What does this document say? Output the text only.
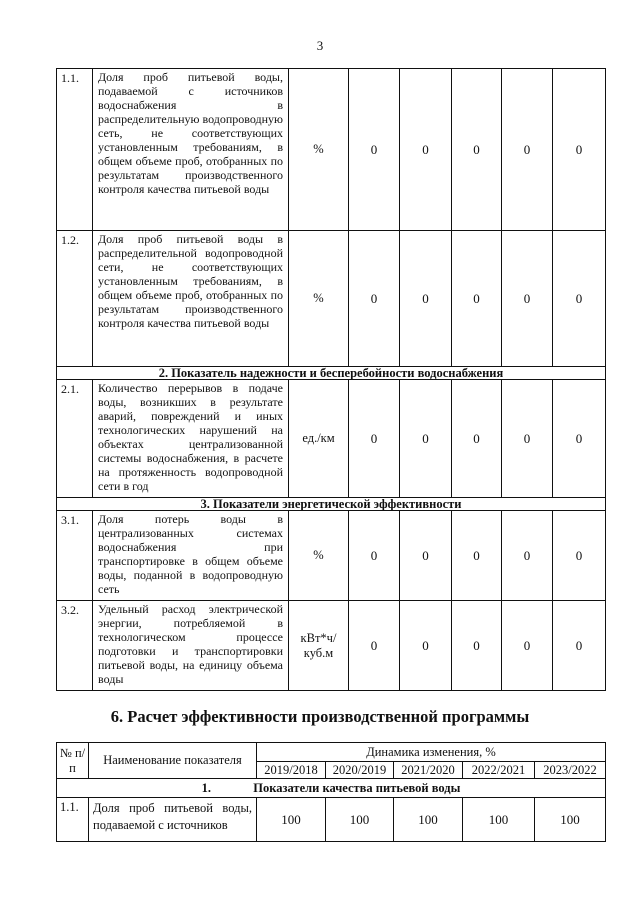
3
1.1.	Доля проб питьевой воды, подаваемой с источников водоснабжения в распределительную водопроводную сеть, не соответствующих установленным требованиям, в общем объеме проб, отобранных по результатам производственного контроля качества питьевой воды	%	0	0	0	0	0
1.2.	Доля проб питьевой воды в распределительной водопроводной сети, не соответствующих установленным требованиям, в общем объеме проб, отобранных по результатам производственного контроля качества питьевой воды	%	0	0	0	0	0
2. Показатель надежности и бесперебойности водоснабжения							
2.1.	Количество перерывов в подаче воды, возникших в результате аварий, повреждений и иных технологических нарушений на объектах централизованной системы водоснабжения, в расчете на протяженность водопроводной сети в год	ед./км	0	0	0	0	0
3. Показатели энергетической эффективности							
3.1.	Доля потерь воды в централизованных системах водоснабжения при транспортировке в общем объеме воды, поданной в водопроводную сеть	%	0	0	0	0	0
3.2.	Удельный расход электрической энергии, потребляемой в технологическом процессе подготовки и транспортировки питьевой воды, на единицу объема воды	кВт*ч/ куб.м	0	0	0	0	0
6. Расчет эффективности производственной программы
№ п/п	Наименование показателя	Динамика изменения, %				
		2019/2018	2020/2019	2021/2020	2022/2021	2023/2022
1. Показатели качества питьевой воды						
1.1.	Доля проб питьевой воды, подаваемой с источников	100	100	100	100	100
